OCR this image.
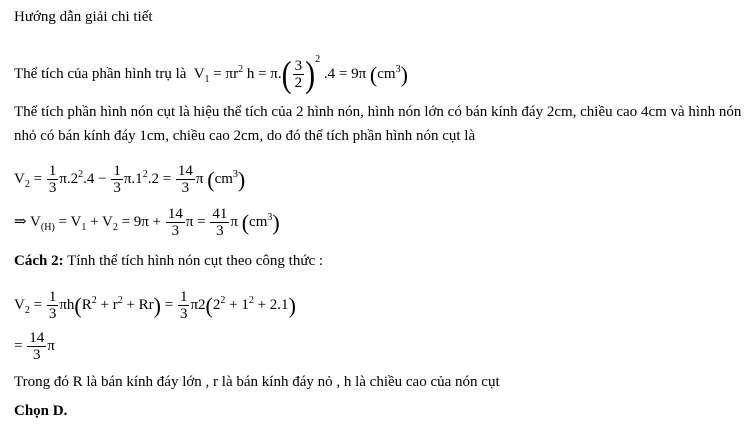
Hướng dẫn giải chi tiết
Thể tích của phần hình trụ là $V_1 = \pi r^2$ $h = \pi.( \frac{3}{2} )^2$ .4 = 9π $(cm^3)$
Thể tích phần hình nón cụt là hiệu thể tích của 2 hình nón, hình nón lớn có bán kính đáy 2cm, chiều cao 4cm và hình nón nhỏ có bán kính đáy 1cm, chiều cao 2cm, do đó thể tích phần hình nón cụt là
$V_2 = \frac{1}{3} \pi.2^2.4 - \frac{1}{3} \pi.1^2.2 = \frac{14}{3}$ π $(cm^3)$
⇒ $V_{(H)} = V_1 + V_2 = 9\pi + \frac{14}{3}$ $\pi = \frac{41}{3}$ π $(cm^3)$
Cách 2: Tính thể tích hình nón cụt theo công thức :
$V_2 = \frac{1}{3} \pi h(R^2 + r^2 + Rr) = \frac{1}{3} \pi 2(2^2 + 1^2 + 2.1)$
= $\frac{14}{3}$ π
Trong đó R là bán kính đáy lớn , r là bán kính đáy nỏ , h là chiều cao của nón cụt
Chọn D.
